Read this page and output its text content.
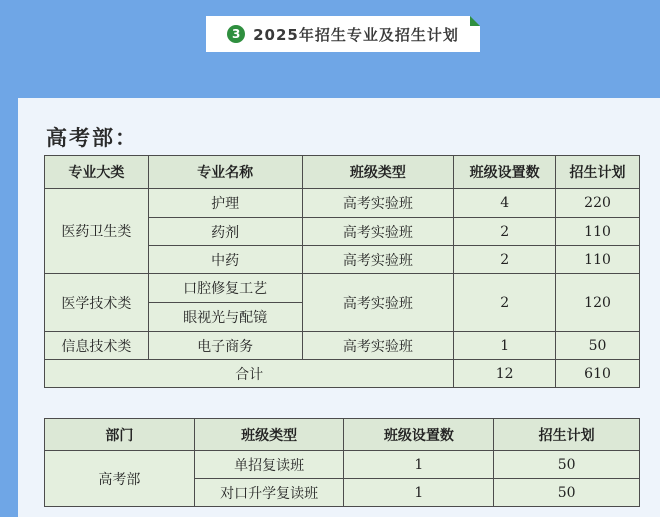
3 2025年招生专业及招生计划
高考部：
专业大类	专业名称	班级类型	班级设置数	招生计划
医药卫生类	护理	高考实验班	4	220
	药剂	高考实验班	2	110
	中药	高考实验班	2	110
医学技术类	口腔修复工艺	高考实验班	2	120
	眼视光与配镜			
信息技术类	电子商务	高考实验班	1	50
合计			12	610
部门	班级类型	班级设置数	招生计划
高考部	单招复读班	1	50
	对口升学复读班	1	50
